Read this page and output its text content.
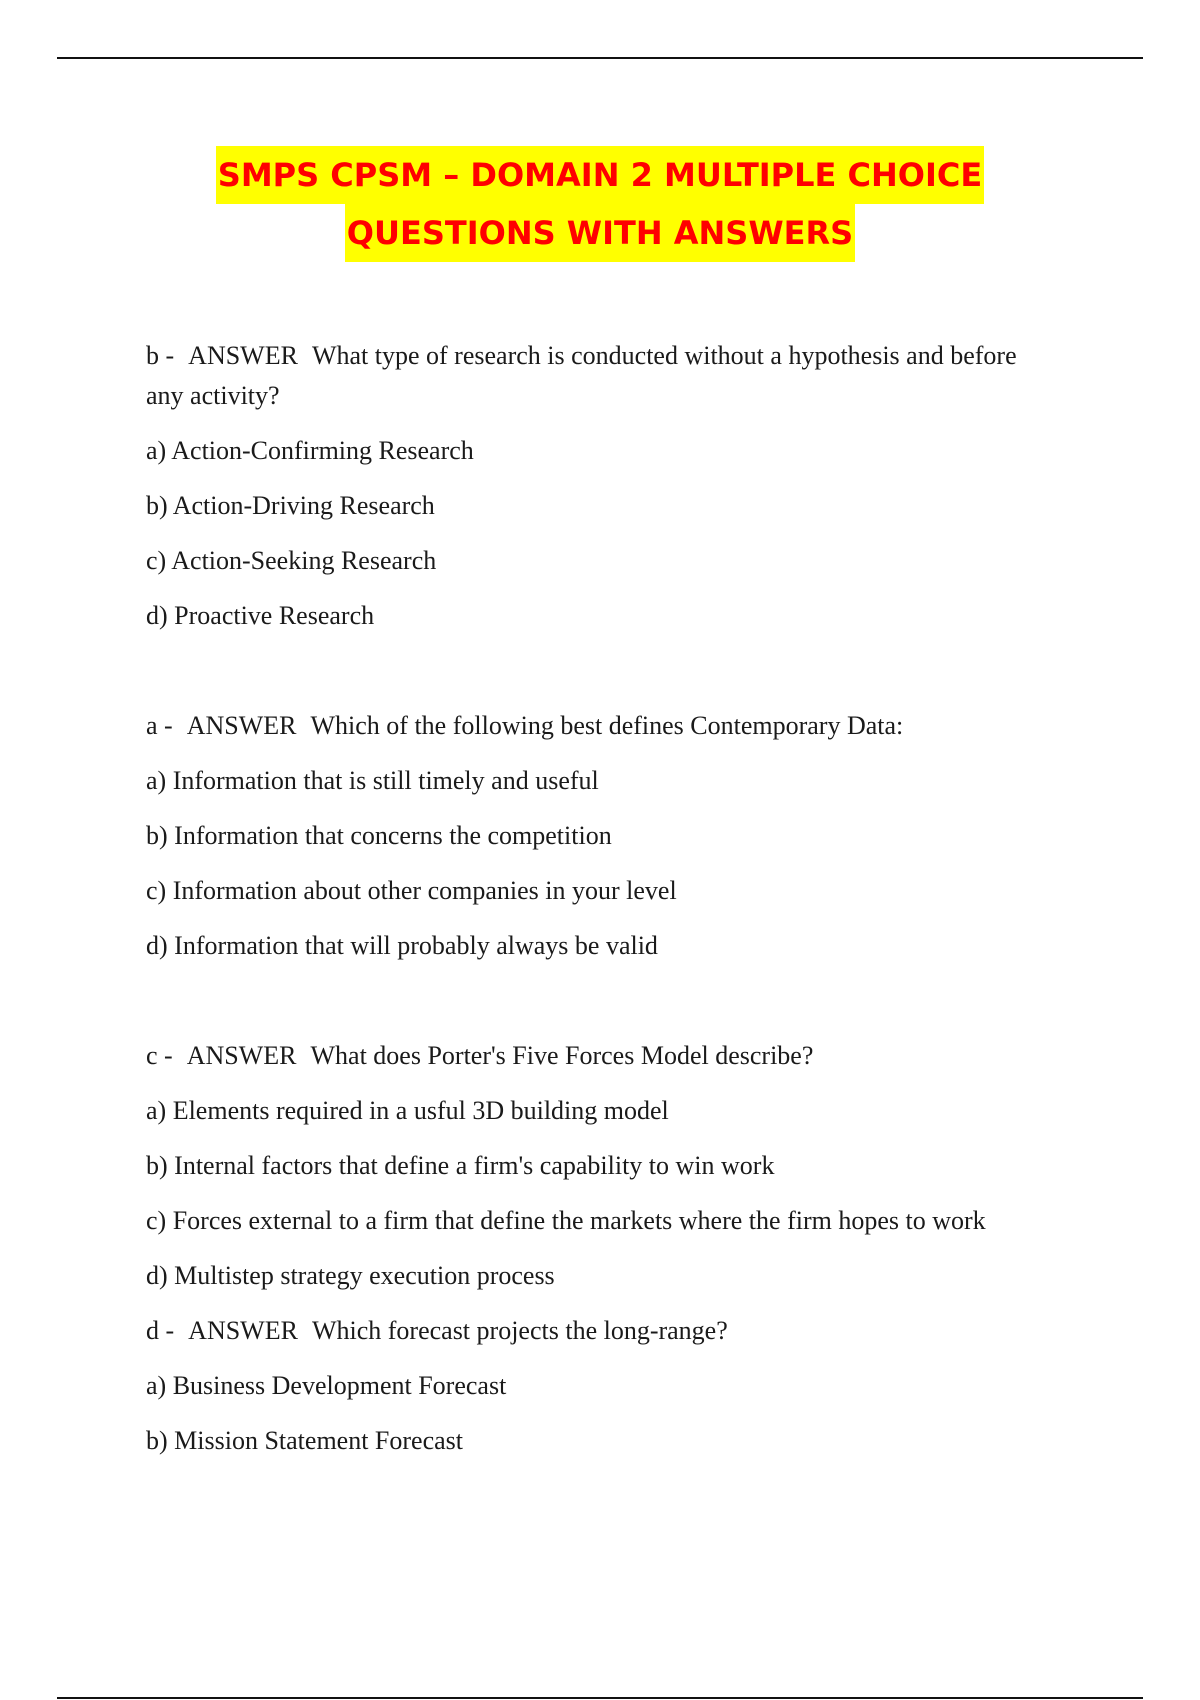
SMPS CPSM – DOMAIN 2 MULTIPLE CHOICE
QUESTIONS WITH ANSWERS
b - ANSWER What type of research is conducted without a hypothesis and before any activity?
a) Action-Confirming Research
b) Action-Driving Research
c) Action-Seeking Research
d) Proactive Research
a - ANSWER Which of the following best defines Contemporary Data:
a) Information that is still timely and useful
b) Information that concerns the competition
c) Information about other companies in your level
d) Information that will probably always be valid
c - ANSWER What does Porter's Five Forces Model describe?
a) Elements required in a usful 3D building model
b) Internal factors that define a firm's capability to win work
c) Forces external to a firm that define the markets where the firm hopes to work
d) Multistep strategy execution process
d - ANSWER Which forecast projects the long-range?
a) Business Development Forecast
b) Mission Statement Forecast
